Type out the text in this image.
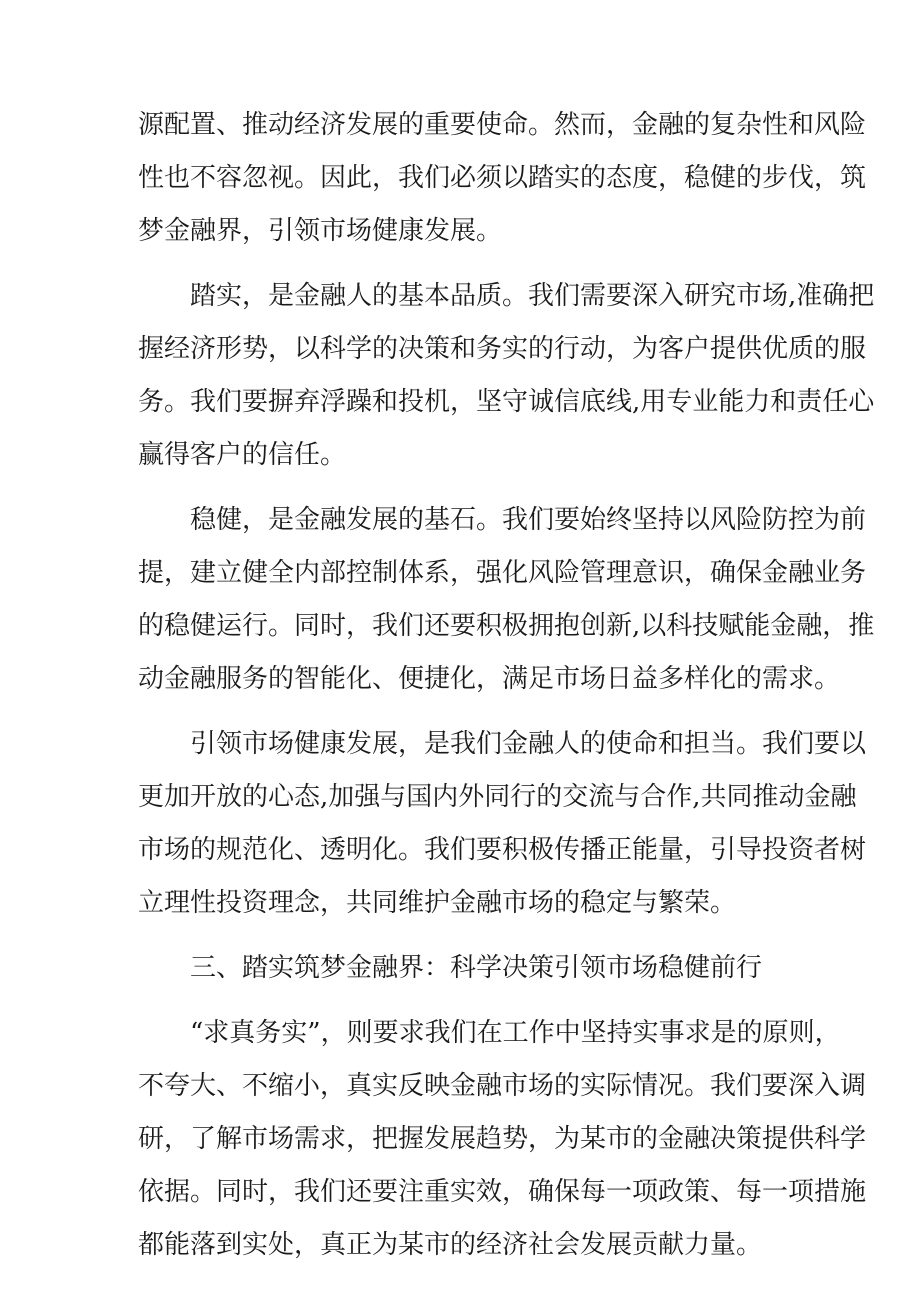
源配置、推动经济发展的重要使命。然而，金融的复杂性和风险
性也不容忽视。因此，我们必须以踏实的态度，稳健的步伐，筑
梦金融界，引领市场健康发展。
踏实，是金融人的基本品质。我们需要深入研究市场,准确把
握经济形势，以科学的决策和务实的行动，为客户提供优质的服
务。我们要摒弃浮躁和投机，坚守诚信底线,用专业能力和责任心
赢得客户的信任。
稳健，是金融发展的基石。我们要始终坚持以风险防控为前
提，建立健全内部控制体系，强化风险管理意识，确保金融业务
的稳健运行。同时，我们还要积极拥抱创新,以科技赋能金融，推
动金融服务的智能化、便捷化，满足市场日益多样化的需求。
引领市场健康发展，是我们金融人的使命和担当。我们要以
更加开放的心态,加强与国内外同行的交流与合作,共同推动金融
市场的规范化、透明化。我们要积极传播正能量，引导投资者树
立理性投资理念，共同维护金融市场的稳定与繁荣。
三、踏实筑梦金融界：科学决策引领市场稳健前行
“求真务实”，则要求我们在工作中坚持实事求是的原则，
不夸大、不缩小，真实反映金融市场的实际情况。我们要深入调
研，了解市场需求，把握发展趋势，为某市的金融决策提供科学
依据。同时，我们还要注重实效，确保每一项政策、每一项措施
都能落到实处，真正为某市的经济社会发展贡献力量。
